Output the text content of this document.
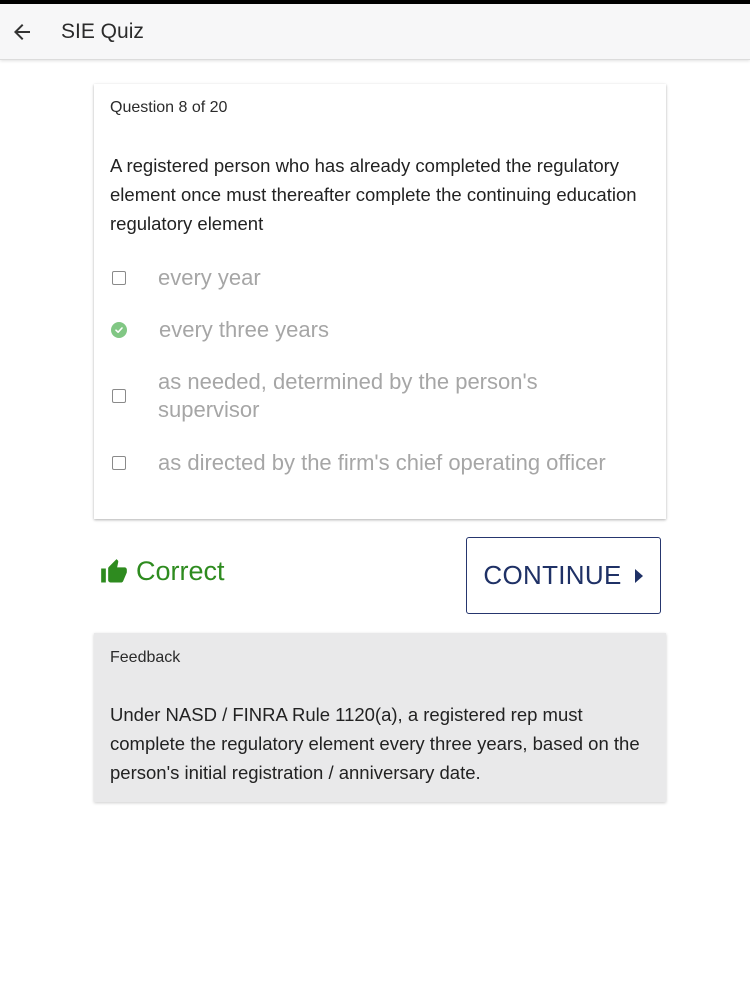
SIE Quiz
Question 8 of 20
A registered person who has already completed the regulatory element once must thereafter complete the continuing education regulatory element
every year
every three years
as needed, determined by the person's supervisor
as directed by the firm's chief operating officer
Correct	CONTINUE
Feedback
Under NASD / FINRA Rule 1120(a), a registered rep must complete the regulatory element every three years, based on the person's initial registration / anniversary date.
